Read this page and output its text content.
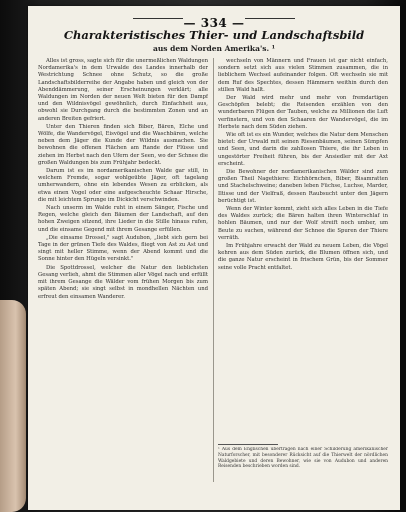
— 334 —
Charakteristisches Thier- und Landschaftsbild
aus dem Norden Amerika's. ¹

Alles ist gross, sagte sich für die unermeßlichen Waldungen Nordamerika's in dem Urwalde des Landes innerhalb der Westrichtung Schnee ohne Schutz, so die große Landschaftsbilderreihe der Angabe haben und gleich von der Abenddämmerung, seiner Erscheinungen verklärt; alle Waldungen im Norden der neuen Welt bieten für den Dampf und den Wildnisvögel gewöhnlich, durch Einfachheit aus, obwohl sie Durchgang durch die bestimmten Zonen und an anderen Breiten gefriert.

Unter den Thieren finden sich Biber, Bären, Elche und Wölfe, die Wandervögel, Eisvögel und die Waschbären, welche neben dem Jäger die Kunde der Wildnis ausmachen. Sie bewohnen die offenen Flächen am Rande der Flüsse und ziehen im Herbst nach den Ufern der Seen, wo der Schnee die großen Waldungen bis zum Frühjahr bedeckt.

Darum ist es im nordamerikanischen Walde gar still, in welchem Fremde, sogar wohlgeübte Jäger, oft tagelang umherwandern, ohne ein lebendes Wesen zu erblicken, als etwa einen Vogel oder eine aufgescheuchte Schaar Hirsche, die mit leichtem Sprunge im Dickicht verschwinden.

Nach unserm im Walde ruht in einem Sänger, Fische und Regen, welche gleich den Bäumen der Landschaft, auf den hohen Zweigen sitzend, ihre Lieder in die Stille hinaus rufen, und die einsame Gegend mit ihrem Gesange erfüllen.

„Die einsame Drossel," sagt Audubon, „liebt sich gern bei Tage in der grünen Tiefe des Waldes, fliegt von Ast zu Ast und singt mit heller Stimme, wenn der Abend kommt und die Sonne hinter den Hügeln versinkt."

Die Spottdrossel, welcher die Natur den lieblichsten Gesang verlieh, ahmt die Stimmen aller Vögel nach und erfüllt mit ihrem Gesange die Wälder vom frühen Morgen bis zum späten Abend; sie singt selbst in mondhellen Nächten und erfreut den einsamen Wanderer.

wechseln von Männern und Frauen ist gar nicht einfach, sondern setzt sich aus vielen Stimmen zusammen, die in lieblichem Wechsel aufeinander folgen. Oft wechseln sie mit dem Ruf des Spechtes, dessen Hämmern weithin durch den stillen Wald hallt.

Der Wald wird mehr und mehr von fremdartigen Geschöpfen belebt; die Reisenden erzählen von den wunderbaren Flügen der Tauben, welche zu Millionen die Luft verfinstern, und von den Schaaren der Wandervögel, die im Herbste nach dem Süden ziehen.

Wie oft ist es ein Wunder, welches die Natur dem Menschen bietet: der Urwald mit seinen Riesenbäumen, seinen Sümpfen und Seen, und darin die zahllosen Thiere, die ihr Leben in ungestörter Freiheit führen, bis der Ansiedler mit der Axt erscheint.

Die Bewohner der nordamerikanischen Wälder sind zum großen Theil Nagethiere: Eichhörnchen, Biber, Bisamratten und Stachelschweine; daneben leben Füchse, Luchse, Marder, Iltisse und der Vielfraß, dessen Raubsucht unter den Jägern berüchtigt ist.

Wenn der Winter kommt, zieht sich alles Leben in die Tiefe des Waldes zurück; die Bären halten ihren Winterschlaf in hohlen Bäumen, und nur der Wolf streift noch umher, um Beute zu suchen, während der Schnee die Spuren der Thiere verräth.

Im Frühjahre erwacht der Wald zu neuem Leben, die Vögel kehren aus dem Süden zurück, die Blumen öffnen sich, und die ganze Natur erscheint in frischem Grün, bis der Sommer seine volle Pracht entfaltet.

¹ Aus dem Englischen übertragen nach einer Schilderung amerikanischer Naturforscher, mit besonderer Rücksicht auf die Thierwelt der nördlichen Waldgebiete und deren Bewohner, wie sie von Audubon und anderen Reisenden beschrieben worden sind.
